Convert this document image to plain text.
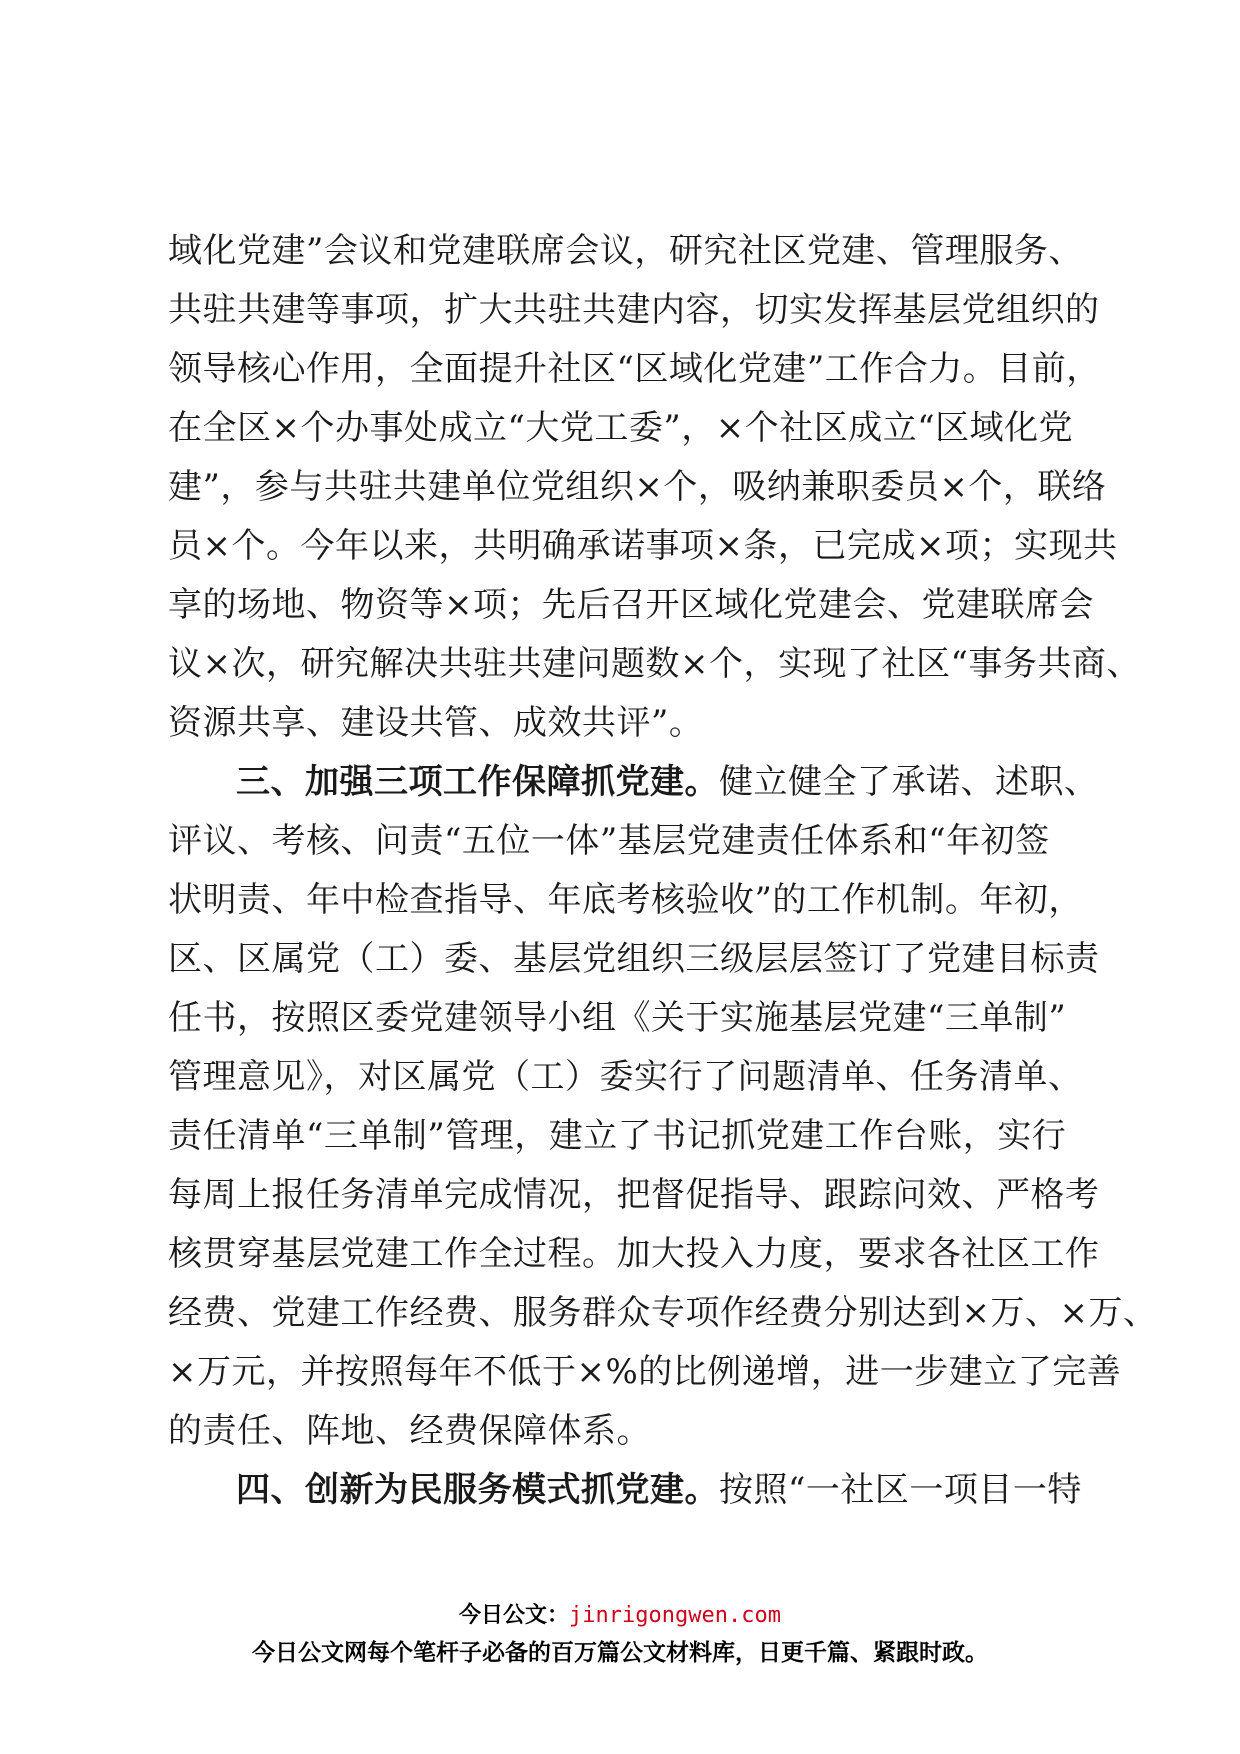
域化党建”会议和党建联席会议，研究社区党建、管理服务、
共驻共建等事项，扩大共驻共建内容，切实发挥基层党组织的
领导核心作用，全面提升社区“区域化党建”工作合力。目前，
在全区×个办事处成立“大党工委”，×个社区成立“区域化党
建”，参与共驻共建单位党组织×个，吸纳兼职委员×个，联络
员×个。今年以来，共明确承诺事项×条，已完成×项；实现共
享的场地、物资等×项；先后召开区域化党建会、党建联席会
议×次，研究解决共驻共建问题数×个，实现了社区“事务共商、
资源共享、建设共管、成效共评”。
三、加强三项工作保障抓党建。健立健全了承诺、述职、
评议、考核、问责“五位一体”基层党建责任体系和“年初签
状明责、年中检查指导、年底考核验收”的工作机制。年初，
区、区属党（工）委、基层党组织三级层层签订了党建目标责
任书，按照区委党建领导小组《关于实施基层党建“三单制”
管理意见》，对区属党（工）委实行了问题清单、任务清单、
责任清单“三单制”管理，建立了书记抓党建工作台账，实行
每周上报任务清单完成情况，把督促指导、跟踪问效、严格考
核贯穿基层党建工作全过程。加大投入力度，要求各社区工作
经费、党建工作经费、服务群众专项作经费分别达到×万、×万、
×万元，并按照每年不低于×%的比例递增，进一步建立了完善
的责任、阵地、经费保障体系。
四、创新为民服务模式抓党建。按照“一社区一项目一特
今日公文：jinrigongwen.com
今日公文网每个笔杆子必备的百万篇公文材料库，日更千篇、紧跟时政。
